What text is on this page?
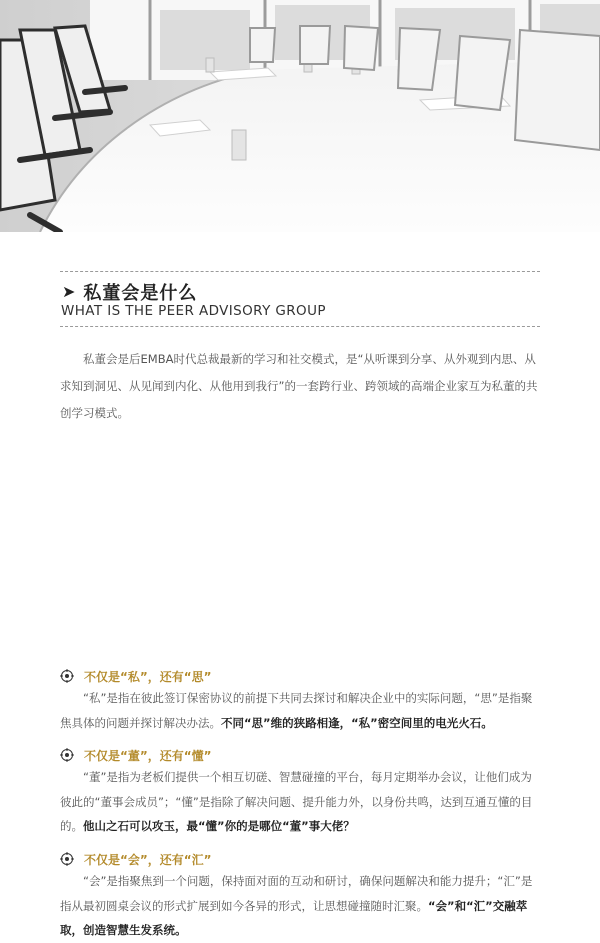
➤ 私董会是什么
WHAT IS THE PEER ADVISORY GROUP

私董会是后EMBA时代总裁最新的学习和社交模式，是“从听课到分享、从外观到内思、从求知到洞见、从见闻到内化、从他用到我行”的一套跨行业、跨领域的高端企业家互为私董的共创学习模式。

不仅是“私”，还有“思”

“私”是指在彼此签订保密协议的前提下共同去探讨和解决企业中的实际问题，“思”是指聚焦具体的问题并探讨解决办法。不同“思”维的狭路相逢，“私”密空间里的电光火石。

不仅是“董”，还有“懂”

“董”是指为老板们提供一个相互切磋、智慧碰撞的平台，每月定期举办会议，让他们成为彼此的“董事会成员”；“懂”是指除了解决问题、提升能力外，以身份共鸣，达到互通互懂的目的。他山之石可以攻玉，最“懂”你的是哪位“董”事大佬？

不仅是“会”，还有“汇”

“会”是指聚焦到一个问题，保持面对面的互动和研讨，确保问题解决和能力提升；“汇”是指从最初圆桌会议的形式扩展到如今各异的形式，让思想碰撞随时汇聚。“会”和“汇”交融萃取，创造智慧生发系统。
